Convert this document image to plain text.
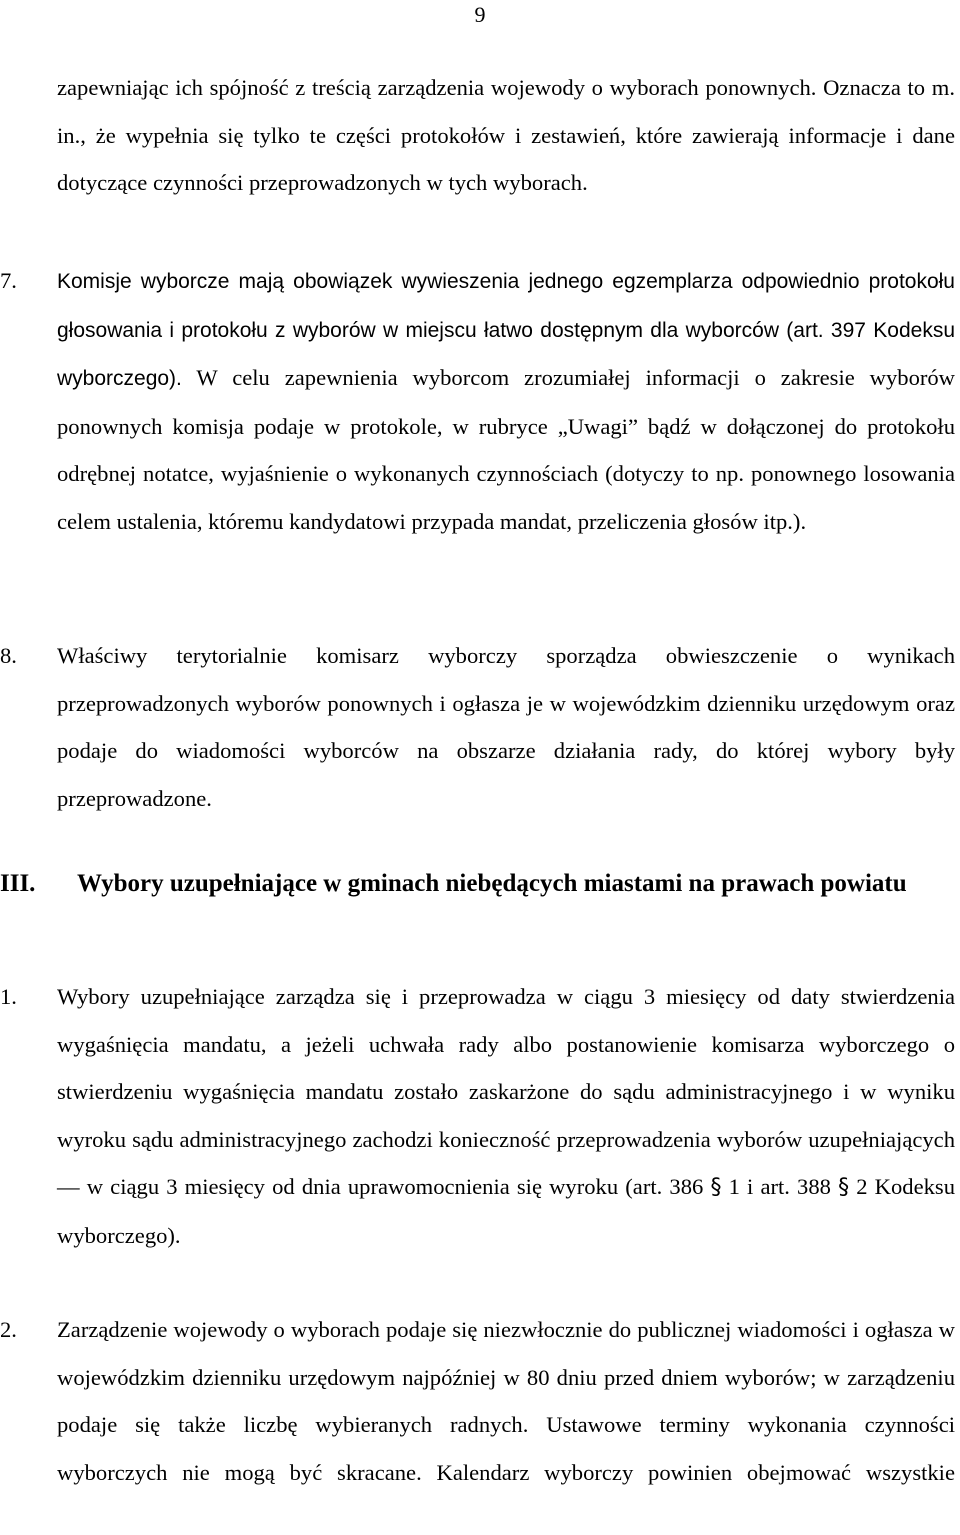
9

zapewniając ich spójność z treścią zarządzenia wojewody o wyborach ponownych. Oznacza to m. in., że wypełnia się tylko te części protokołów i zestawień, które zawierają informacje i dane dotyczące czynności przeprowadzonych w tych wyborach.

7. Komisje wyborcze mają obowiązek wywieszenia jednego egzemplarza odpowiednio protokołu głosowania i protokołu z wyborów w miejscu łatwo dostępnym dla wyborców (art. 397 Kodeksu wyborczego). W celu zapewnienia wyborcom zrozumiałej informacji o zakresie wyborów ponownych komisja podaje w protokole, w rubryce „Uwagi” bądź w dołączonej do protokołu odrębnej notatce, wyjaśnienie o wykonanych czynnościach (dotyczy to np. ponownego losowania celem ustalenia, któremu kandydatowi przypada mandat, przeliczenia głosów itp.).

8. Właściwy terytorialnie komisarz wyborczy sporządza obwieszczenie o wynikach przeprowadzonych wyborów ponownych i ogłasza je w wojewódzkim dzienniku urzędowym oraz podaje do wiadomości wyborców na obszarze działania rady, do której wybory były przeprowadzone.

III. Wybory uzupełniające w gminach niebędących miastami na prawach powiatu
1. Wybory uzupełniające zarządza się i przeprowadza w ciągu 3 miesięcy od daty stwierdzenia wygaśnięcia mandatu, a jeżeli uchwała rady albo postanowienie komisarza wyborczego o stwierdzeniu wygaśnięcia mandatu zostało zaskarżone do sądu administracyjnego i w wyniku wyroku sądu administracyjnego zachodzi konieczność przeprowadzenia wyborów uzupełniających — w ciągu 3 miesięcy od dnia uprawomocnienia się wyroku (art. 386 § 1 i art. 388 § 2 Kodeksu wyborczego).

2. Zarządzenie wojewody o wyborach podaje się niezwłocznie do publicznej wiadomości i ogłasza w wojewódzkim dzienniku urzędowym najpóźniej w 80 dniu przed dniem wyborów; w zarządzeniu podaje się także liczbę wybieranych radnych. Ustawowe terminy wykonania czynności wyborczych nie mogą być skracane. Kalendarz wyborczy powinien obejmować wszystkie
